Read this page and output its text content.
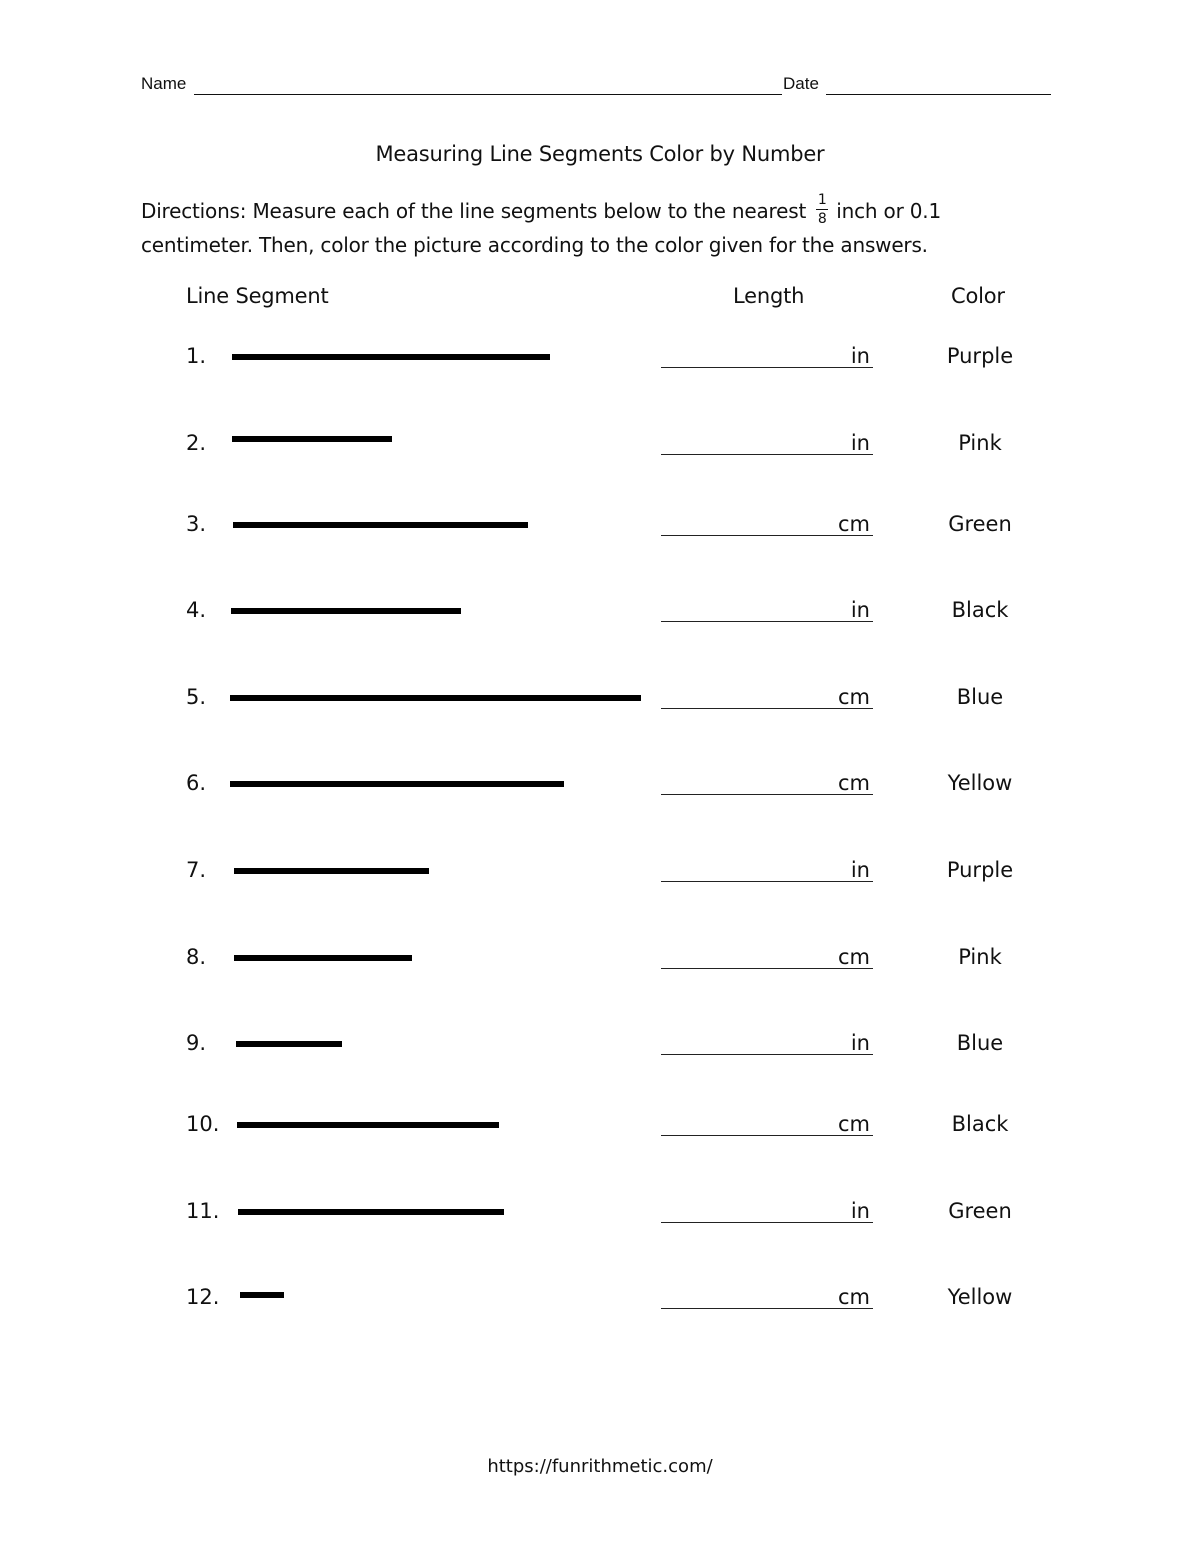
Name	Date
Measuring Line Segments Color by Number
Directions: Measure each of the line segments below to the nearest $\frac{1}{8}$ inch or 0.1
centimeter. Then, color the picture according to the color given for the answers.
Line Segment	Length	Color
1.	in	Purple
2.	in	Pink
3.	cm	Green
4.	in	Black
5.	cm	Blue
6.	cm	Yellow
7.	in	Purple
8.	cm	Pink
9.	in	Blue
10.	cm	Black
11.	in	Green
12.	cm	Yellow
https://funrithmetic.com/
